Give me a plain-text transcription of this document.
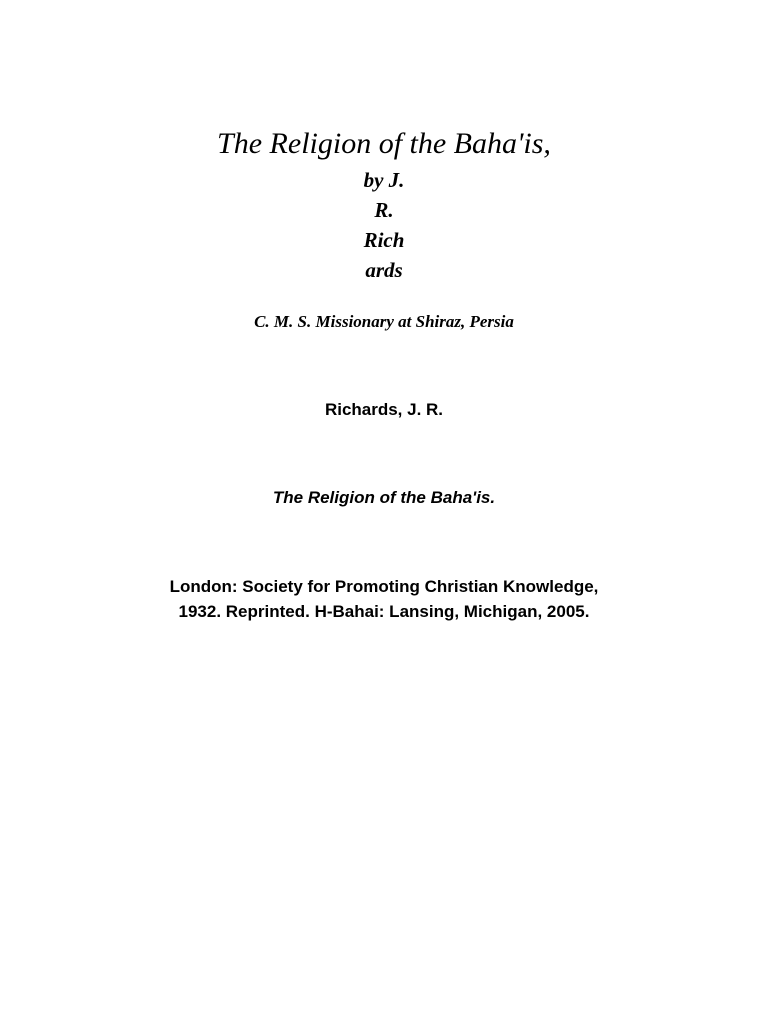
The Religion of the Baha'is,
by J.
R.
Rich
ards
C. M. S. Missionary at Shiraz, Persia
Richards, J. R.
The Religion of the Baha'is.
London: Society for Promoting Christian Knowledge,
1932. Reprinted. H-Bahai: Lansing, Michigan, 2005.
